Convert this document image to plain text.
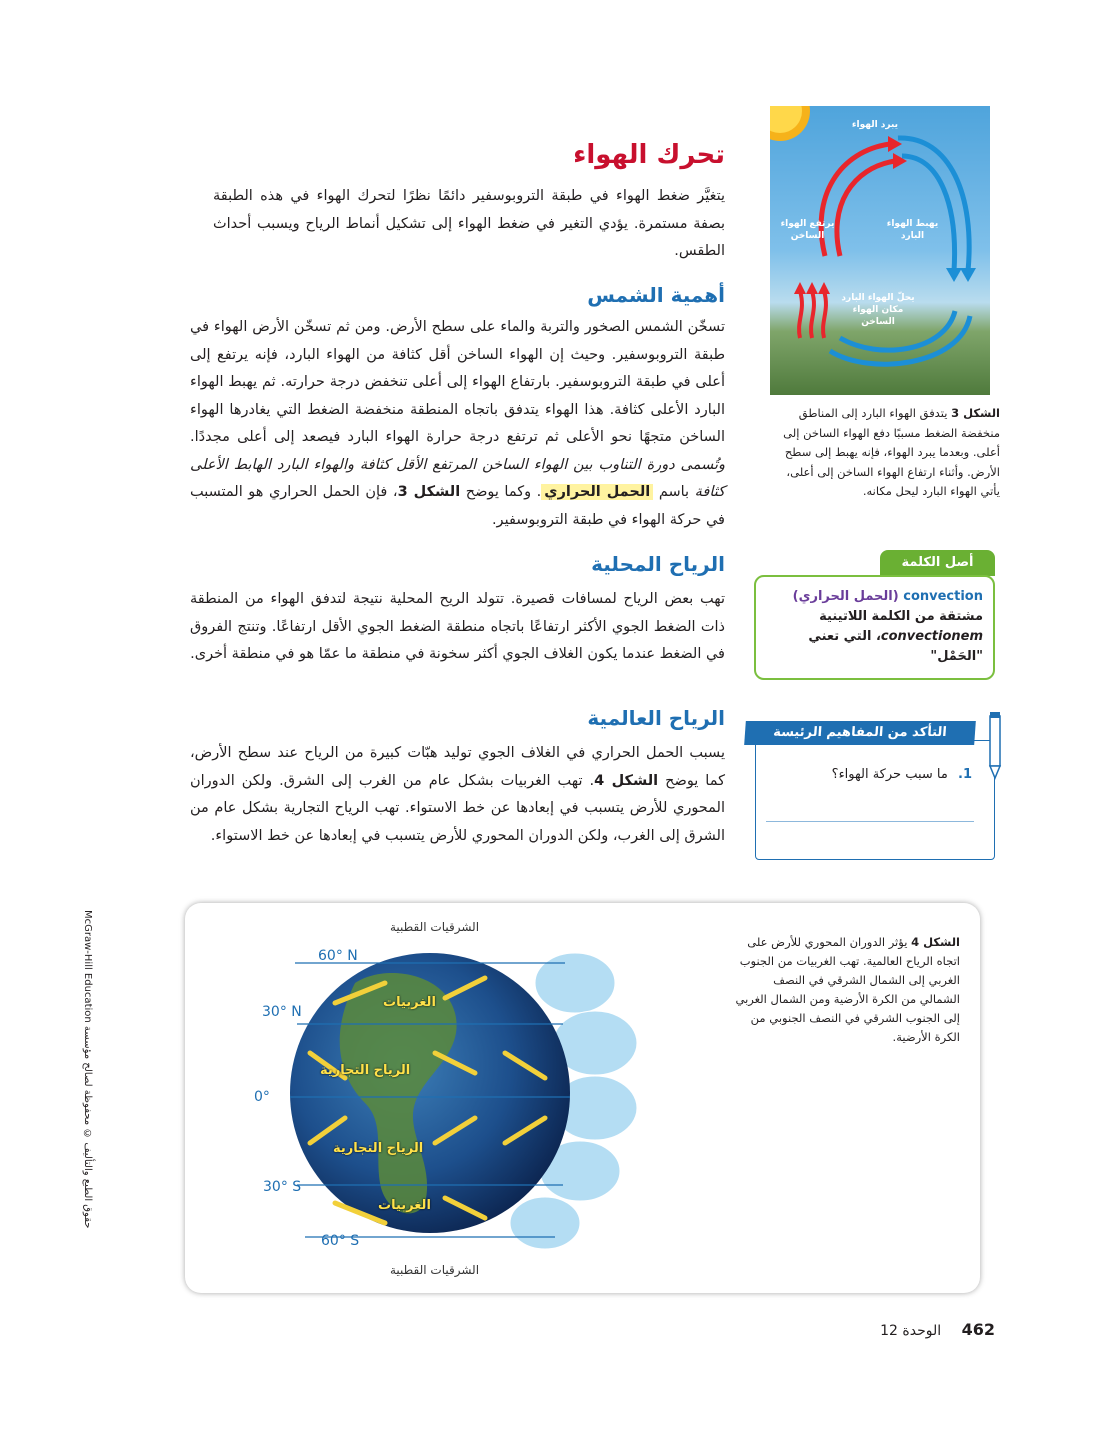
تحرك الهواء

يتغيَّر ضغط الهواء في طبقة التروبوسفير دائمًا نظرًا لتحرك الهواء في هذه الطبقة بصفة مستمرة. يؤدي التغير في ضغط الهواء إلى تشكيل أنماط الرياح ويسبب أحداث الطقس.

أهمية الشمس

تسخّن الشمس الصخور والتربة والماء على سطح الأرض. ومن ثم تسخّن الأرض الهواء في طبقة التروبوسفير. وحيث إن الهواء الساخن أقل كثافة من الهواء البارد، فإنه يرتفع إلى أعلى في طبقة التروبوسفير. بارتفاع الهواء إلى أعلى تنخفض درجة حرارته. ثم يهبط الهواء البارد الأعلى كثافة. هذا الهواء يتدفق باتجاه المنطقة منخفضة الضغط التي يغادرها الهواء الساخن متجهًا نحو الأعلى ثم ترتفع درجة حرارة الهواء البارد فيصعد إلى أعلى مجددًا. وتُسمى دورة التناوب بين الهواء الساخن المرتفع الأقل كثافة والهواء البارد الهابط الأعلى كثافة باسم الحمل الحراري. وكما يوضح الشكل 3، فإن الحمل الحراري هو المتسبب في حركة الهواء في طبقة التروبوسفير.

الرياح المحلية

تهب بعض الرياح لمسافات قصيرة. تتولد الريح المحلية نتيجة لتدفق الهواء من المنطقة ذات الضغط الجوي الأكثر ارتفاعًا باتجاه منطقة الضغط الجوي الأقل ارتفاعًا. وتنتج الفروق في الضغط عندما يكون الغلاف الجوي أكثر سخونة في منطقة ما عمّا هو في منطقة أخرى.

الرياح العالمية

يسبب الحمل الحراري في الغلاف الجوي توليد هبّات كبيرة من الرياح عند سطح الأرض، كما يوضح الشكل 4. تهب الغربيات بشكل عام من الغرب إلى الشرق. ولكن الدوران المحوري للأرض يتسبب في إبعادها عن خط الاستواء. تهب الرياح التجارية بشكل عام من الشرق إلى الغرب، ولكن الدوران المحوري للأرض يتسبب في إبعادها عن خط الاستواء.

يبرد الهواء
يهبط الهواء البارد
يرتفع الهواء الساخن
يحلّ الهواء البارد مكان الهواء الساخن

الشكل 3 يتدفق الهواء البارد إلى المناطق منخفضة الضغط مسببًا دفع الهواء الساخن إلى أعلى. وبعدما يبرد الهواء، فإنه يهبط إلى سطح الأرض. وأثناء ارتفاع الهواء الساخن إلى أعلى، يأتي الهواء البارد ليحل مكانه.

أصل الكلمة
convection (الحمل الحراري) مشتقة من الكلمة اللاتينية convectionem، التي تعني "الحَمْل"
1. ما سبب حركة الهواء؟
التأكد من المفاهيم الرئيسة
60° N
30° N
0°
30° S
60° S
الشرقيات القطبية
الشرقيات القطبية
الغربيات
الرياح التجارية
الرياح التجارية
الغربيات

الشكل 4 يؤثر الدوران المحوري للأرض على اتجاه الرياح العالمية. تهب الغربيات من الجنوب الغربي إلى الشمال الشرقي في النصف الشمالي من الكرة الأرضية ومن الشمال الغربي إلى الجنوب الشرقي في النصف الجنوبي من الكرة الأرضية.

McGraw-Hill Education حقوق الطبع والتأليف © محفوظة لصالح مؤسسة
462 الوحدة 12
